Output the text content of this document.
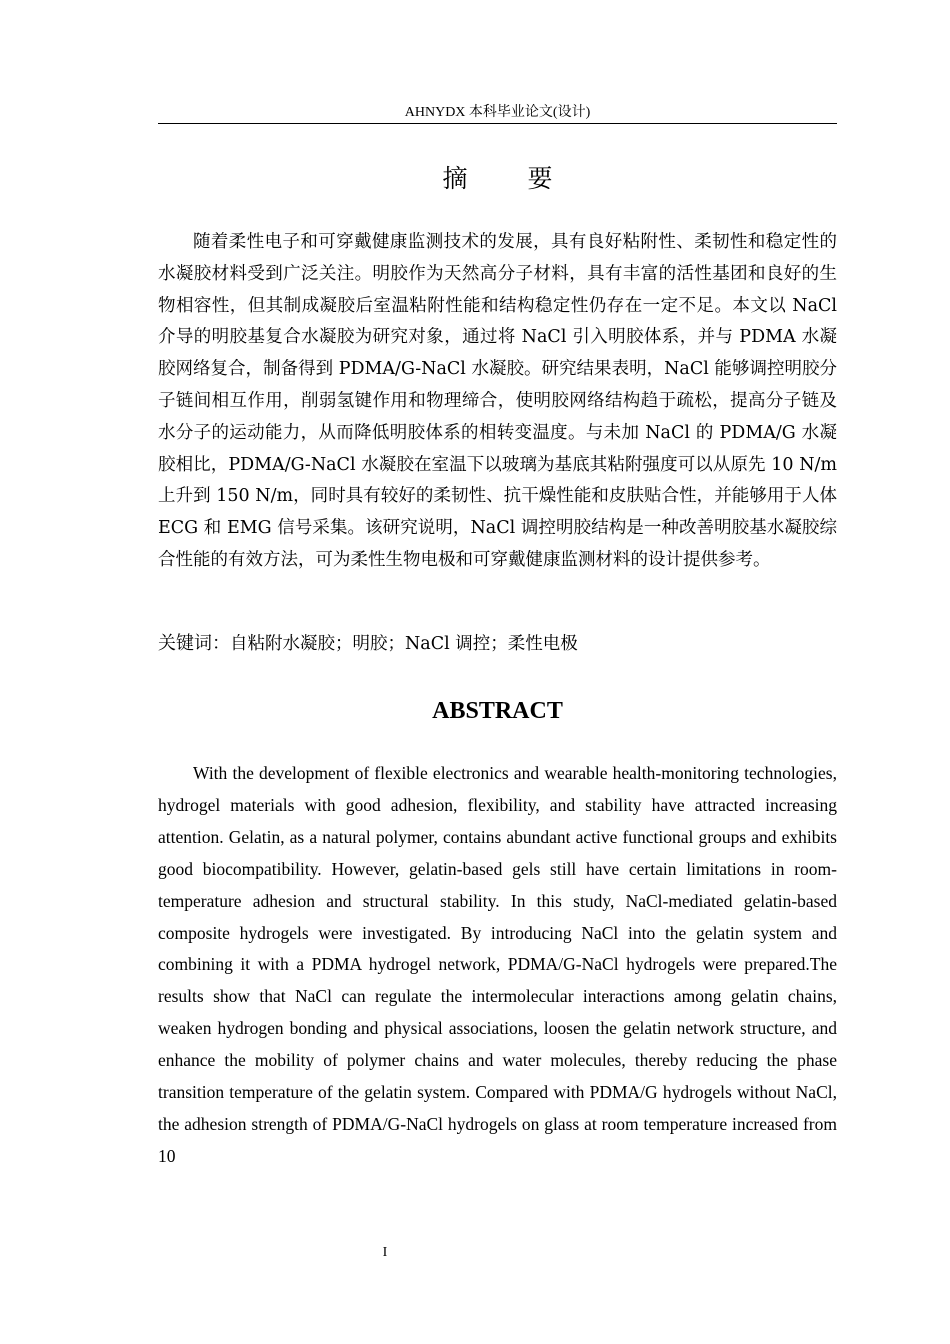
AHNYDX 本科毕业论文(设计)
摘 要

随着柔性电子和可穿戴健康监测技术的发展，具有良好粘附性、柔韧性和稳定性的水凝胶材料受到广泛关注。明胶作为天然高分子材料，具有丰富的活性基团和良好的生物相容性，但其制成凝胶后室温粘附性能和结构稳定性仍存在一定不足。本文以 NaCl 介导的明胶基复合水凝胶为研究对象，通过将 NaCl 引入明胶体系，并与 PDMA 水凝胶网络复合，制备得到 PDMA/G-NaCl 水凝胶。研究结果表明，NaCl 能够调控明胶分子链间相互作用，削弱氢键作用和物理缔合，使明胶网络结构趋于疏松，提高分子链及水分子的运动能力，从而降低明胶体系的相转变温度。与未加 NaCl 的 PDMA/G 水凝胶相比，PDMA/G-NaCl 水凝胶在室温下以玻璃为基底其粘附强度可以从原先 10 N/m 上升到 150 N/m，同时具有较好的柔韧性、抗干燥性能和皮肤贴合性，并能够用于人体 ECG 和 EMG 信号采集。该研究说明，NaCl 调控明胶结构是一种改善明胶基水凝胶综合性能的有效方法，可为柔性生物电极和可穿戴健康监测材料的设计提供参考。

关键词：自粘附水凝胶；明胶；NaCl 调控；柔性电极
ABSTRACT

With the development of flexible electronics and wearable health-monitoring technologies, hydrogel materials with good adhesion, flexibility, and stability have attracted increasing attention. Gelatin, as a natural polymer, contains abundant active functional groups and exhibits good biocompatibility. However, gelatin-based gels still have certain limitations in room-temperature adhesion and structural stability. In this study, NaCl-mediated gelatin-based composite hydrogels were investigated. By introducing NaCl into the gelatin system and combining it with a PDMA hydrogel network, PDMA/G-NaCl hydrogels were prepared.The results show that NaCl can regulate the intermolecular interactions among gelatin chains, weaken hydrogen bonding and physical associations, loosen the gelatin network structure, and enhance the mobility of polymer chains and water molecules, thereby reducing the phase transition temperature of the gelatin system. Compared with PDMA/G hydrogels without NaCl, the adhesion strength of PDMA/G-NaCl hydrogels on glass at room temperature increased from 10

I
